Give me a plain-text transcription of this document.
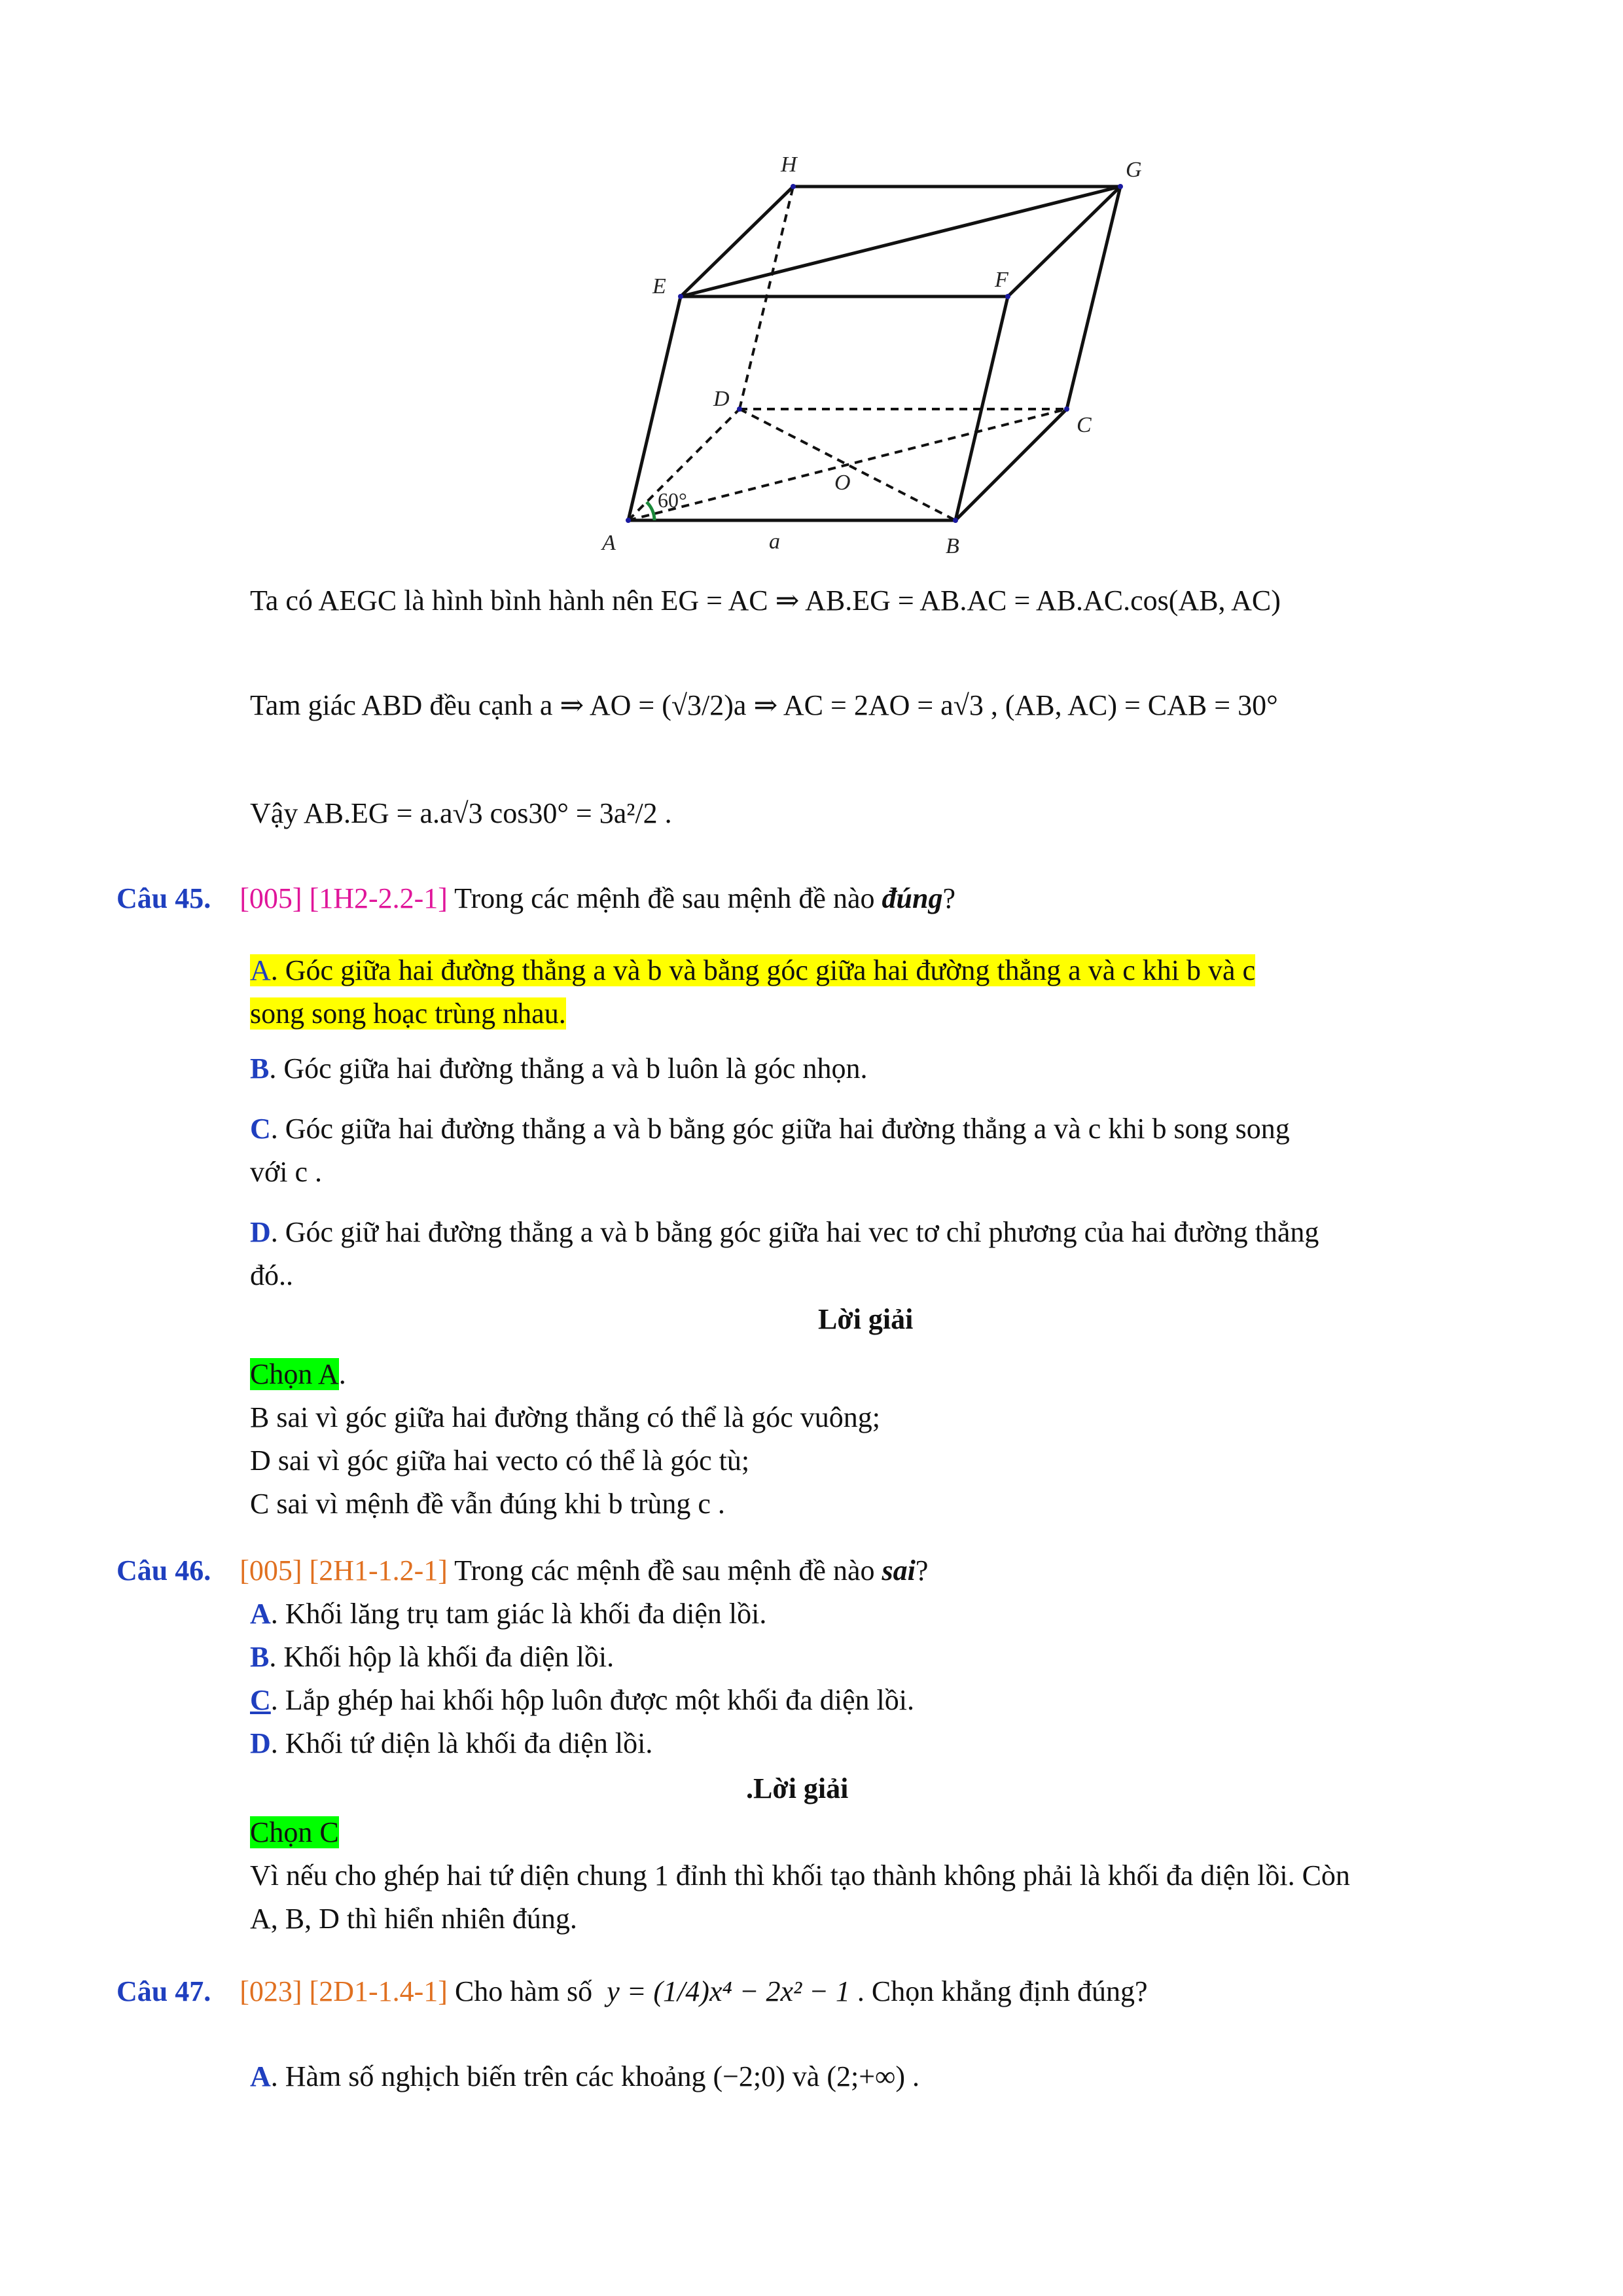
A	B
C
D
E	F
G
H
O
60°
a
Ta có AEGC là hình bình hành nên EG = AC ⇒ AB.EG = AB.AC = AB.AC.cos(AB, AC)
Tam giác ABD đều cạnh a ⇒ AO = (√3/2)a ⇒ AC = 2AO = a√3 , (AB, AC) = CAB = 30°
Vậy AB.EG = a.a√3 cos30° = 3a²/2 .
Câu 45. [005] [1H2-2.2-1] Trong các mệnh đề sau mệnh đề nào đúng?
A. Góc giữa hai đường thẳng a và b và bằng góc giữa hai đường thẳng a và c khi b và c
song song hoạc trùng nhau.
B. Góc giữa hai đường thẳng a và b luôn là góc nhọn.
C. Góc giữa hai đường thẳng a và b bằng góc giữa hai đường thẳng a và c khi b song song
với c .
D. Góc giữ hai đường thẳng a và b bằng góc giữa hai vec tơ chỉ phương của hai đường thẳng
đó..
Lời giải
Chọn A.
B sai vì góc giữa hai đường thẳng có thể là góc vuông;
D sai vì góc giữa hai vecto có thể là góc tù;
C sai vì mệnh đề vẫn đúng khi b trùng c .
Câu 46. [005] [2H1-1.2-1] Trong các mệnh đề sau mệnh đề nào sai?
A. Khối lăng trụ tam giác là khối đa diện lồi.
B. Khối hộp là khối đa diện lồi.
C. Lắp ghép hai khối hộp luôn được một khối đa diện lồi.
D. Khối tứ diện là khối đa diện lồi.
.Lời giải
Chọn C
Vì nếu cho ghép hai tứ diện chung 1 đỉnh thì khối tạo thành không phải là khối đa diện lồi. Còn
A, B, D thì hiển nhiên đúng.
Câu 47. [023] [2D1-1.4-1] Cho hàm số y = (1/4)x⁴ − 2x² − 1 . Chọn khẳng định đúng?
A. Hàm số nghịch biến trên các khoảng (−2;0) và (2;+∞) .
